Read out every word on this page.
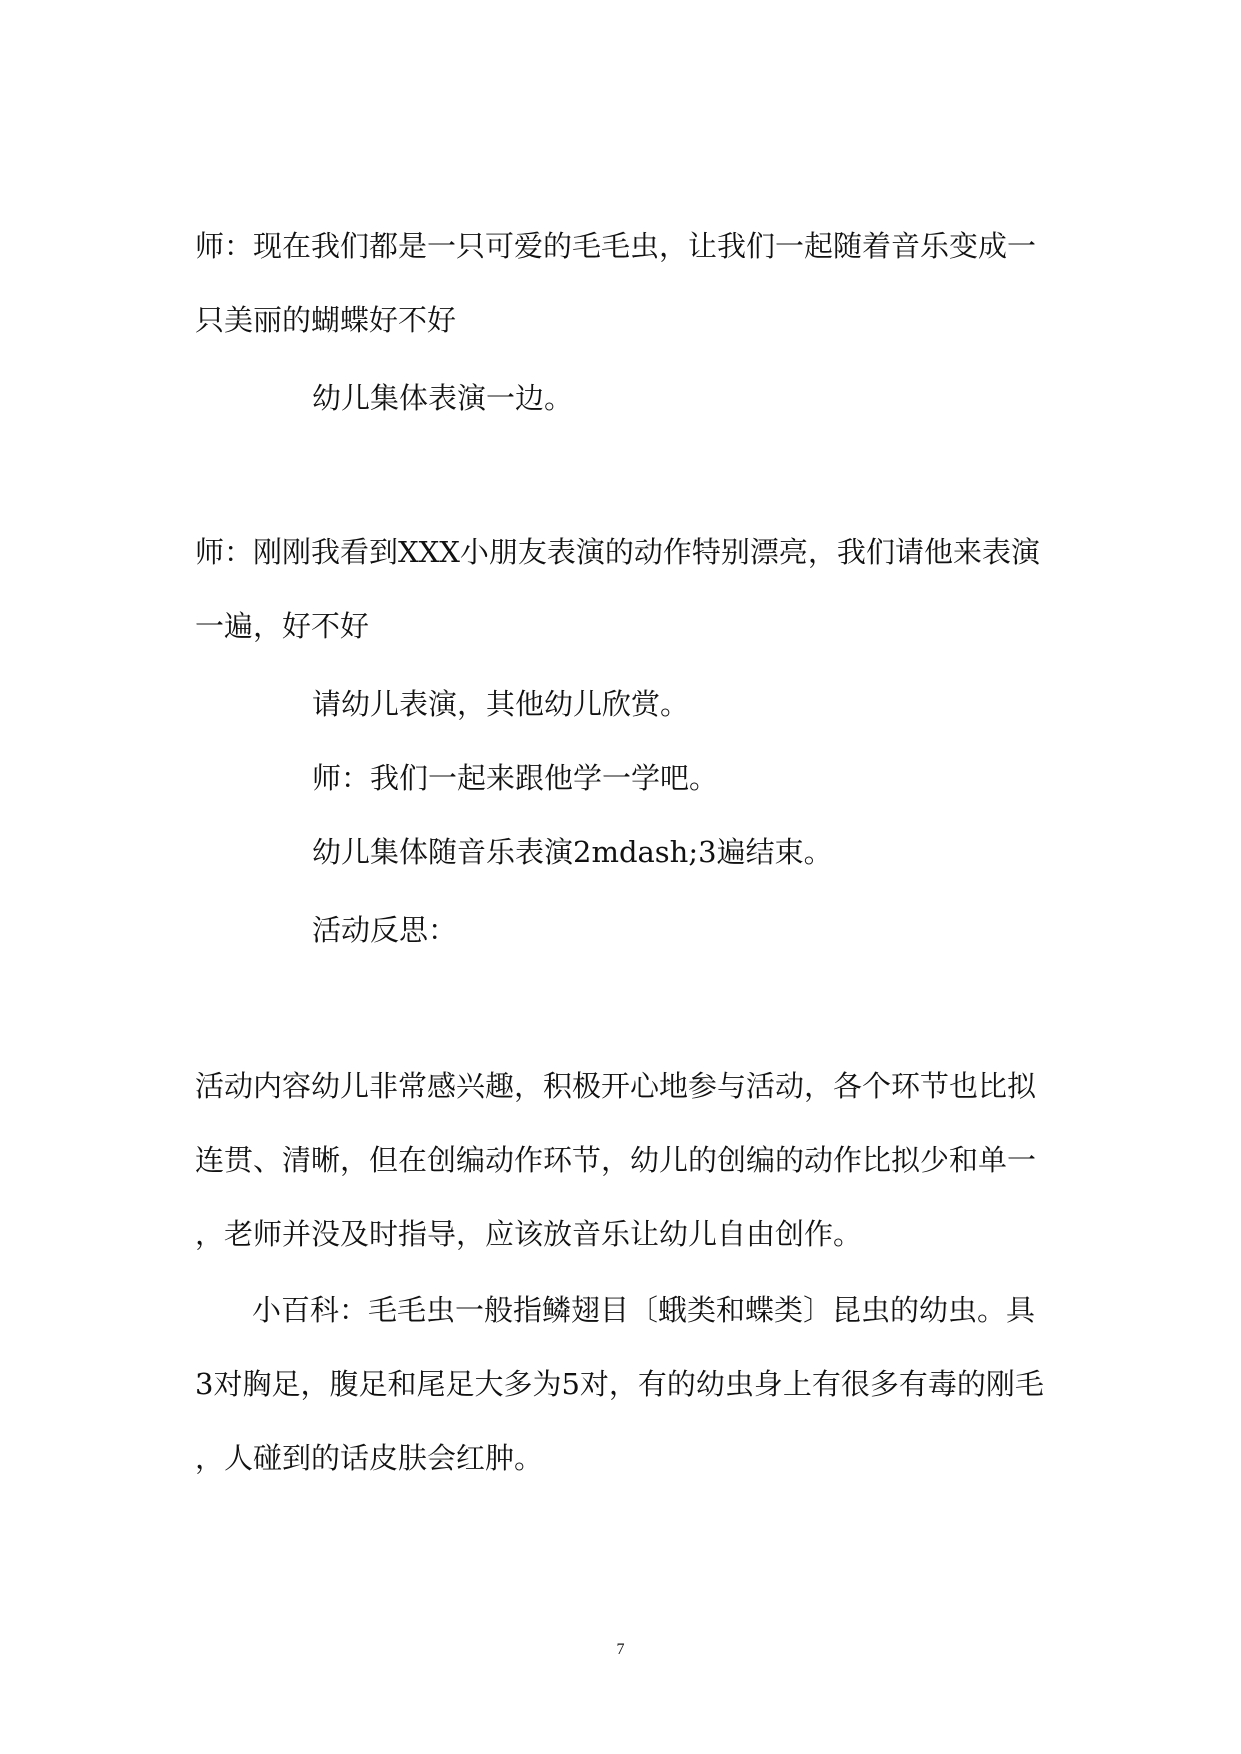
师：现在我们都是一只可爱的毛毛虫，让我们一起随着音乐变成一

只美丽的蝴蝶好不好

幼儿集体表演一边。

师：刚刚我看到XXX小朋友表演的动作特别漂亮，我们请他来表演

一遍，好不好

请幼儿表演，其他幼儿欣赏。

师：我们一起来跟他学一学吧。

幼儿集体随音乐表演2mdash;3遍结束。

活动反思：

活动内容幼儿非常感兴趣，积极开心地参与活动，各个环节也比拟

连贯、清晰，但在创编动作环节，幼儿的创编的动作比拟少和单一

，老师并没及时指导，应该放音乐让幼儿自由创作。

小百科：毛毛虫一般指鳞翅目〔蛾类和蝶类〕昆虫的幼虫。具

3对胸足，腹足和尾足大多为5对，有的幼虫身上有很多有毒的刚毛

，人碰到的话皮肤会红肿。

7
